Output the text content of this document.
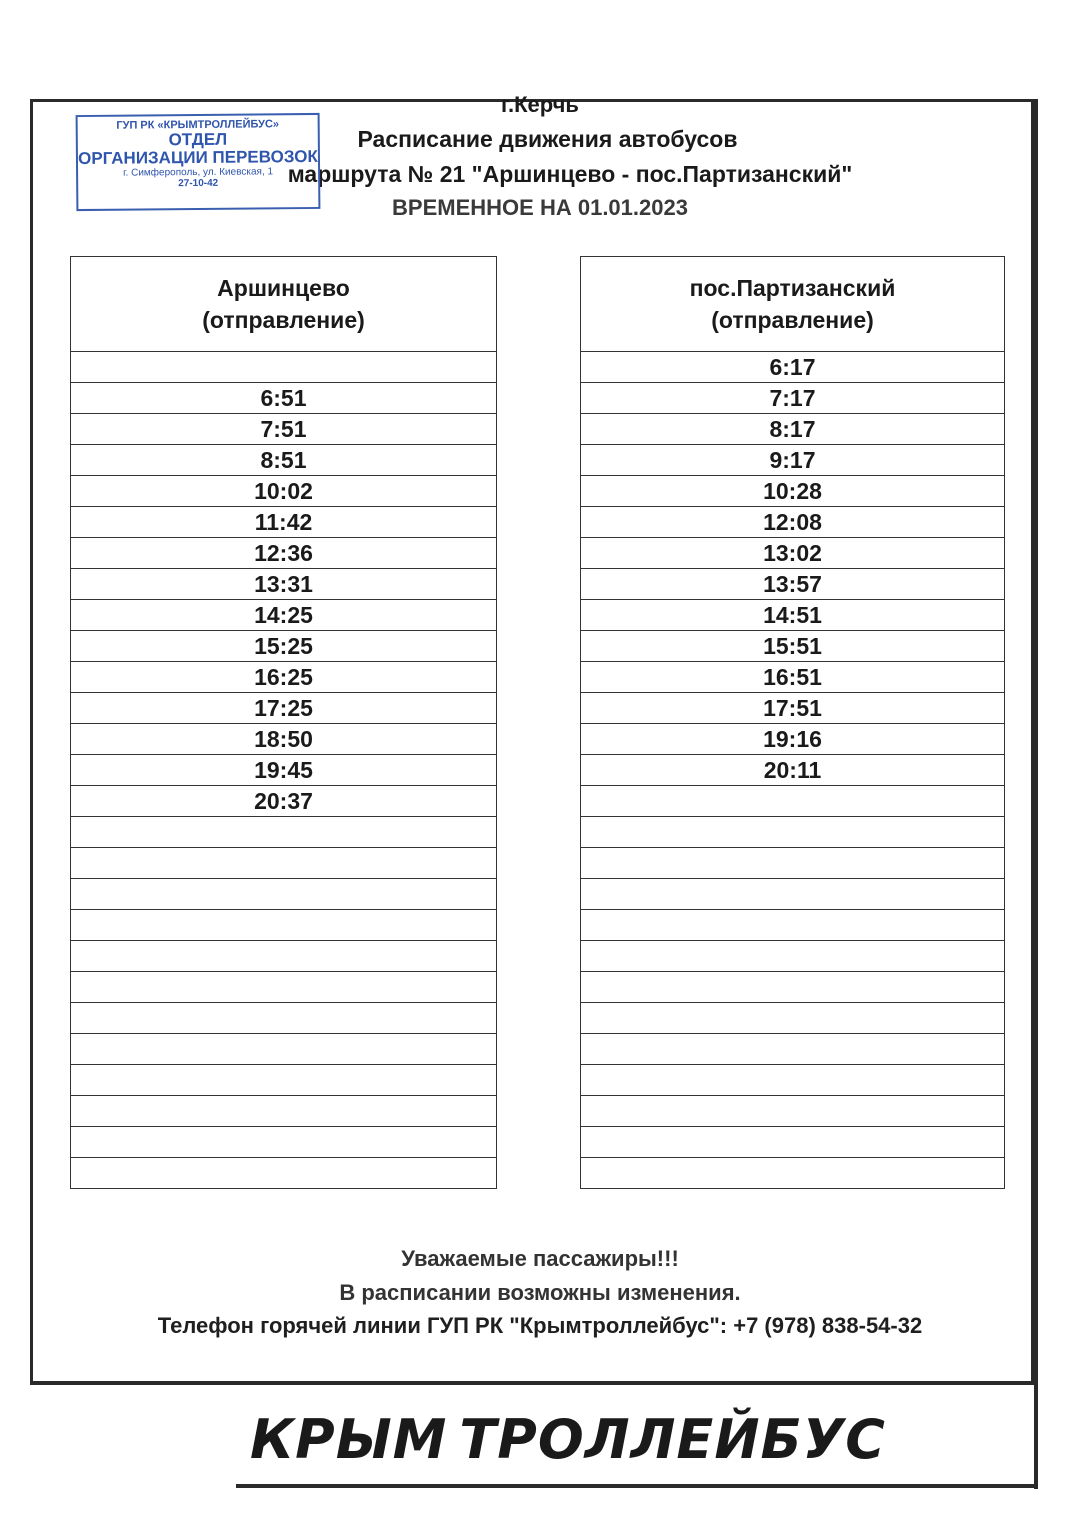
г.Керчь
Расписание движения автобусов
маршрута № 21 "Аршинцево - пос.Партизанский"
ВРЕМЕННОЕ НА 01.01.2023
ГУП РК «КРЫМТРОЛЛЕЙБУС»
ОТДЕЛ
ОРГАНИЗАЦИИ ПЕРЕВОЗОК
г. Симферополь, ул. Киевская, 1
27-10-42
Аршинцево
(отправление)

6:51
7:51
8:51
10:02
11:42
12:36
13:31
14:25
15:25
16:25
17:25
18:50
19:45
20:37

пос.Партизанский
(отправление)

6:17
7:17
8:17
9:17
10:28
12:08
13:02
13:57
14:51
15:51
16:51
17:51
19:16
20:11

Уважаемые пассажиры!!!
В расписании возможны изменения.
Телефон горячей линии ГУП РК "Крымтроллейбус": +7 (978) 838-54-32
КРЫМ ТРОЛЛЕЙБУС
